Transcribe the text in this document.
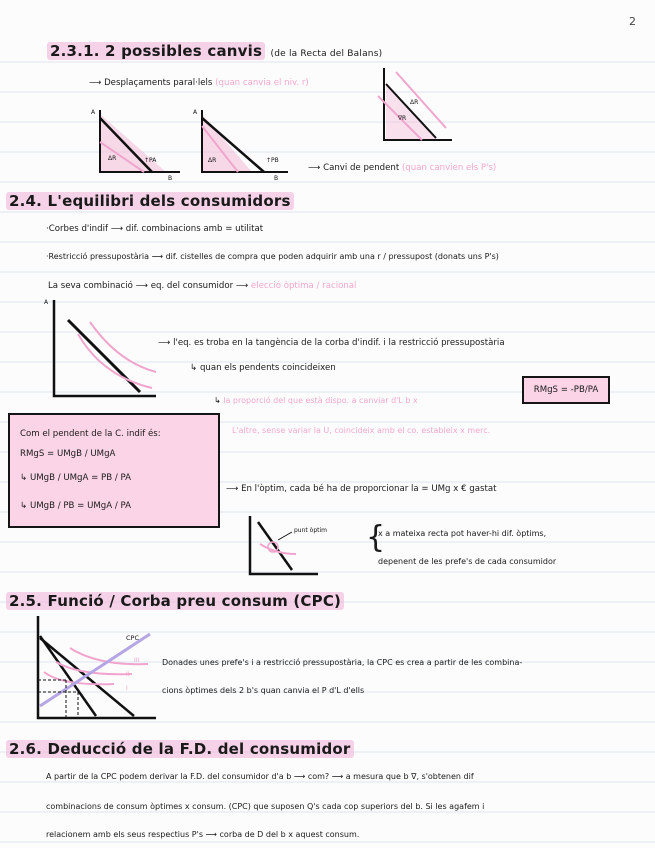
2
2.3.1. 2 possibles canvis (de la Recta del Balans)
⟶ Desplaçaments paral·lels (quan canvia el niv. r)
ΔR	↑PA
A
B
ΔR	↑PB
A
B
ΔR
∇R
⟶ Canvi de pendent (quan canvien els P's)
2.4. L'equilibri dels consumidors
·Corbes d'indif ⟶ dif. combinacions amb = utilitat
·Restricció pressupostària ⟶ dif. cistelles de compra que poden adquirir amb una r / pressupost (donats uns P's)
La seva combinació ⟶ eq. del consumidor ⟶ elecció òptima / racional
A
⟶ l'eq. es troba en la tangència de la corba d'indif. i la restricció pressupostària
↳ quan els pendents coincideixen
↳ la proporció del que està dispo. a canviar d'L b x
L'altre, sense variar la U, coincideix amb el co. estableix x merc.
RMgS = -PB/PA
Com el pendent de la C. indif és:
RMgS = UMgB / UMgA
↳ UMgB / UMgA = PB / PA
↳ UMgB / PB = UMgA / PA
⟶ En l'òptim, cada bé ha de proporcionar la = UMg x € gastat
punt òptim {
x a mateixa recta pot haver-hi dif. òptims,
depenent de les prefe's de cada consumidor
2.5. Funció / Corba preu consum (CPC)
CPC
III
II
I
Donades unes prefe's i a restricció pressupostària, la CPC es crea a partir de les combina-
cions òptimes dels 2 b's quan canvia el P d'L d'ells
2.6. Deducció de la F.D. del consumidor
A partir de la CPC podem derivar la F.D. del consumidor d'a b ⟶ com? ⟶ a mesura que b ∇, s'obtenen dif
combinacions de consum òptimes x consum. (CPC) que suposen Q's cada cop superiors del b. Si les agafem i
relacionem amb els seus respectius P's ⟶ corba de D del b x aquest consum.
